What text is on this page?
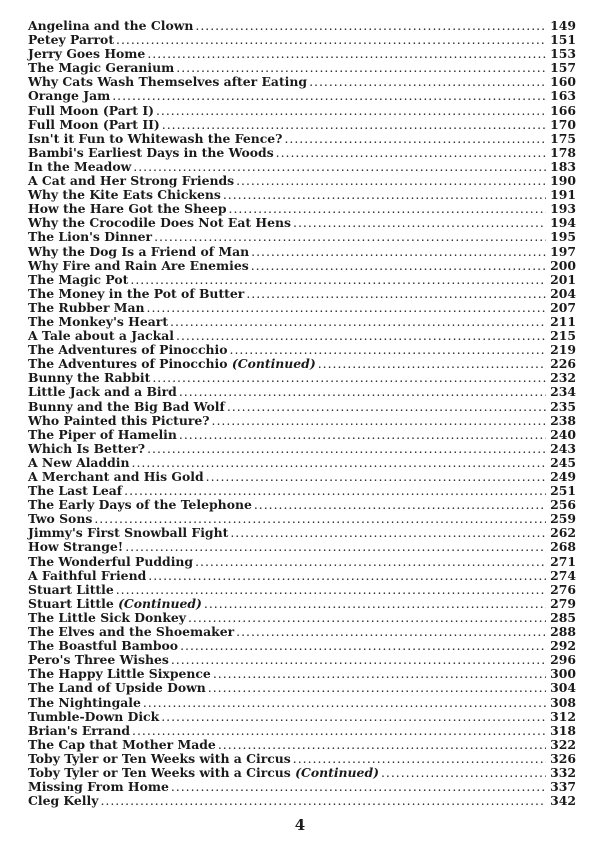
Angelina and the Clown .....	149
Petey Parrot .....	151
Jerry Goes Home .....	153
The Magic Geranium .....	157
Why Cats Wash Themselves after Eating .....	160
Orange Jam .....	163
Full Moon (Part I) .....	166
Full Moon (Part II) .....	170
Isn't it Fun to Whitewash the Fence? .....	175
Bambi's Earliest Days in the Woods .....	178
In the Meadow .....	183
A Cat and Her Strong Friends .....	190
Why the Kite Eats Chickens .....	191
How the Hare Got the Sheep .....	193
Why the Crocodile Does Not Eat Hens .....	194
The Lion's Dinner .....	195
Why the Dog Is a Friend of Man .....	197
Why Fire and Rain Are Enemies .....	200
The Magic Pot .....	201
The Money in the Pot of Butter .....	204
The Rubber Man .....	207
The Monkey's Heart .....	211
A Tale about a Jackal .....	215
The Adventures of Pinocchio .....	219
The Adventures of Pinocchio (Continued) .....	226
Bunny the Rabbit .....	232
Little Jack and a Bird .....	234
Bunny and the Big Bad Wolf .....	235
Who Painted this Picture? .....	238
The Piper of Hamelin .....	240
Which Is Better? .....	243
A New Aladdin .....	245
A Merchant and His Gold .....	249
The Last Leaf .....	251
The Early Days of the Telephone .....	256
Two Sons .....	259
Jimmy's First Snowball Fight .....	262
How Strange! .....	268
The Wonderful Pudding .....	271
A Faithful Friend .....	274
Stuart Little .....	276
Stuart Little (Continued) .....	279
The Little Sick Donkey .....	285
The Elves and the Shoemaker .....	288
The Boastful Bamboo .....	292
Pero's Three Wishes .....	296
The Happy Little Sixpence .....	300
The Land of Upside Down .....	304
The Nightingale .....	308
Tumble-Down Dick .....	312
Brian's Errand .....	318
The Cap that Mother Made .....	322
Toby Tyler or Ten Weeks with a Circus .....	326
Toby Tyler or Ten Weeks with a Circus (Continued) .....	332
Missing From Home .....	337
Cleg Kelly .....	342
4
